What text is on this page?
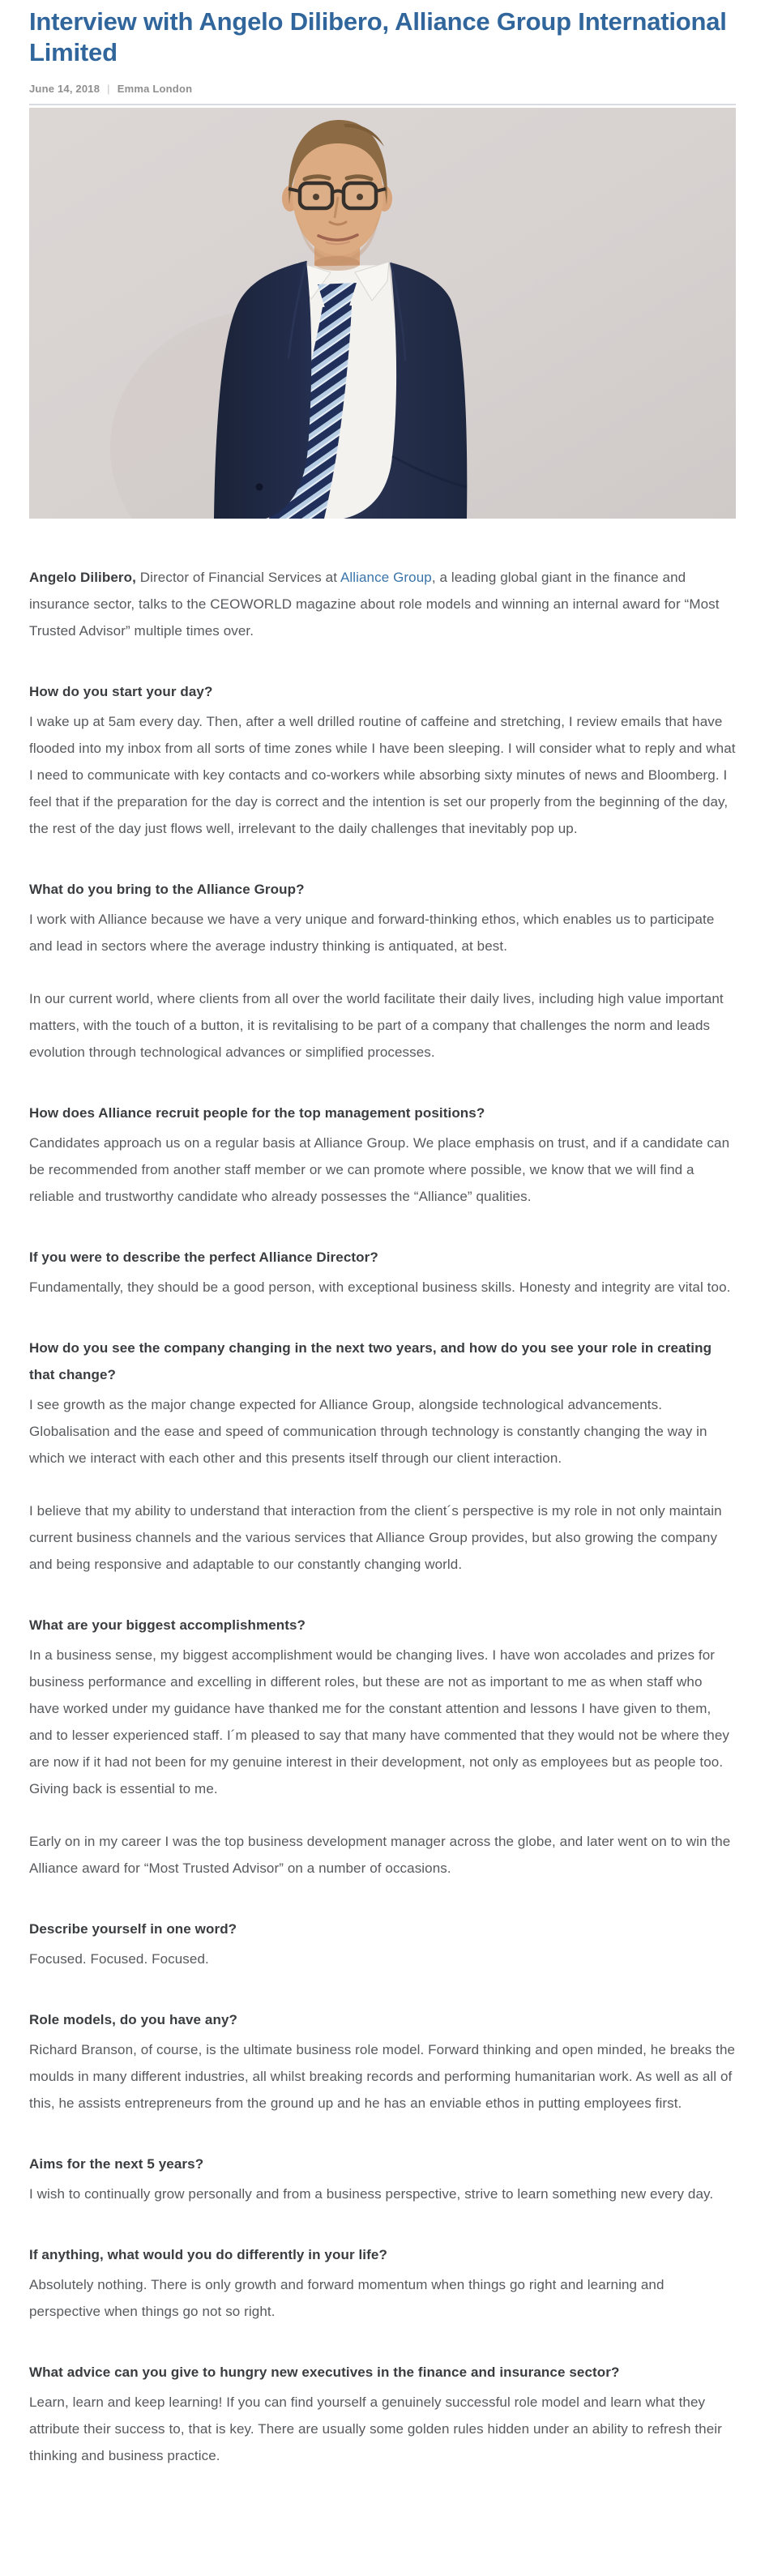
Interview with Angelo Dilibero, Alliance Group International Limited
June 14, 2018 | Emma London

Angelo Dilibero, Director of Financial Services at Alliance Group, a leading global giant in the finance and insurance sector, talks to the CEOWORLD magazine about role models and winning an internal award for “Most Trusted Advisor” multiple times over.

How do you start your day?

I wake up at 5am every day. Then, after a well drilled routine of caffeine and stretching, I review emails that have flooded into my inbox from all sorts of time zones while I have been sleeping. I will consider what to reply and what I need to communicate with key contacts and co-workers while absorbing sixty minutes of news and Bloomberg. I feel that if the preparation for the day is correct and the intention is set our properly from the beginning of the day, the rest of the day just flows well, irrelevant to the daily challenges that inevitably pop up.

What do you bring to the Alliance Group?

I work with Alliance because we have a very unique and forward-thinking ethos, which enables us to participate and lead in sectors where the average industry thinking is antiquated, at best.

In our current world, where clients from all over the world facilitate their daily lives, including high value important matters, with the touch of a button, it is revitalising to be part of a company that challenges the norm and leads evolution through technological advances or simplified processes.

How does Alliance recruit people for the top management positions?

Candidates approach us on a regular basis at Alliance Group. We place emphasis on trust, and if a candidate can be recommended from another staff member or we can promote where possible, we know that we will find a reliable and trustworthy candidate who already possesses the “Alliance” qualities.

If you were to describe the perfect Alliance Director?

Fundamentally, they should be a good person, with exceptional business skills. Honesty and integrity are vital too.

How do you see the company changing in the next two years, and how do you see your role in creating that change?

I see growth as the major change expected for Alliance Group, alongside technological advancements. Globalisation and the ease and speed of communication through technology is constantly changing the way in which we interact with each other and this presents itself through our client interaction.

I believe that my ability to understand that interaction from the client´s perspective is my role in not only maintain current business channels and the various services that Alliance Group provides, but also growing the company and being responsive and adaptable to our constantly changing world.

What are your biggest accomplishments?

In a business sense, my biggest accomplishment would be changing lives. I have won accolades and prizes for business performance and excelling in different roles, but these are not as important to me as when staff who have worked under my guidance have thanked me for the constant attention and lessons I have given to them, and to lesser experienced staff. I´m pleased to say that many have commented that they would not be where they are now if it had not been for my genuine interest in their development, not only as employees but as people too. Giving back is essential to me.

Early on in my career I was the top business development manager across the globe, and later went on to win the Alliance award for “Most Trusted Advisor” on a number of occasions.

Describe yourself in one word?

Focused. Focused. Focused.

Role models, do you have any?

Richard Branson, of course, is the ultimate business role model. Forward thinking and open minded, he breaks the moulds in many different industries, all whilst breaking records and performing humanitarian work. As well as all of this, he assists entrepreneurs from the ground up and he has an enviable ethos in putting employees first.

Aims for the next 5 years?

I wish to continually grow personally and from a business perspective, strive to learn something new every day.

If anything, what would you do differently in your life?

Absolutely nothing. There is only growth and forward momentum when things go right and learning and perspective when things go not so right.

What advice can you give to hungry new executives in the finance and insurance sector?

Learn, learn and keep learning! If you can find yourself a genuinely successful role model and learn what they attribute their success to, that is key. There are usually some golden rules hidden under an ability to refresh their thinking and business practice.
